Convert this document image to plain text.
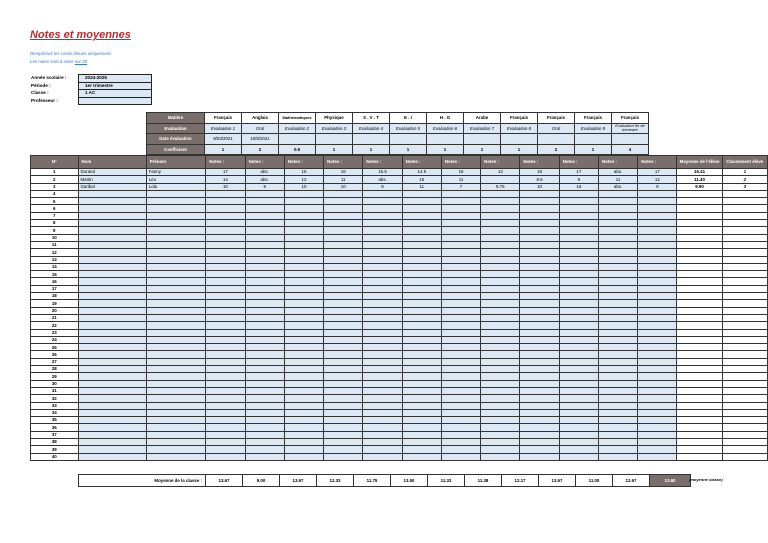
Notes et moyennes
Remplissez les cases bleues uniquement.
Les notes sont à saisir sur 20
Année scolaire :	2024-2025
Période :	1er trimestre
Classe :	1 AC
Professeur :	
Matière	Français	Anglais	Mathématiques	Physique	S . V . T	E . I	H . G	Arabe	Français	Français	Français	Français
Evaluation	Evaluation 1	Oral	Evaluation 2	Evaluation 3	Evaluation 4	Evaluation 5	Evaluation 6	Evaluation 7	Evaluation 8	Oral	Evaluation 9	Evaluation fin de trimestre
Date évaluation	9/03/2021	10/8/2021										
Coefficient	1	2	0.5	1	1	1	1	1	1	2	1	4
N°	Nom	Prénom	Notes :	Notes :	Notes :	Notes :	Notes :	Notes :	Notes :	Notes :	Notes :	Notes :	Notes :	Notes :	Moyenne de l'élève	Classement élève
1	Durand	Fanny	17	abs.	16	16	15.5	14.5	16	13	18	17	abs.	17	16.41	1
2	Martin	Léo	14	abs.	12	11	abs.	15	11		8.5	9	11	12	11.40	2
3	Garibal	Lola	10	9	10	10	8	11	7	9.75	10	15	abs.	9	9.90	3
4																
5																
6																
7																
8																
9																
10																
11																
12																
13																
14																
15																
16																
17																
18																
19																
20																
21																
22																
23																
24																
25																
26																
27																
28																
29																
30																
31																
32																
33																
34																
35																
36																
37																
38																
39																
40																
Moyenne de la classe :	13.67	9.00	13.67	12.33	11.75	13.50	11.33	11.38	12.17	13.67	11.00	12.67	12.60	(moyenne classe)
